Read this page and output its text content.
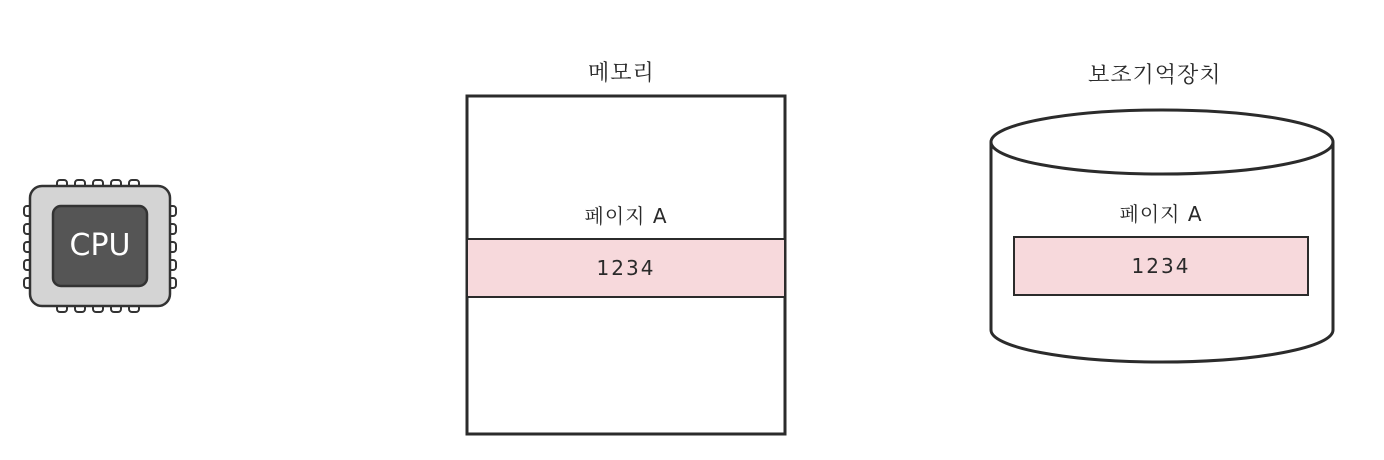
CPU
메모리
페이지 A
1234
보조기억장치
페이지 A
1234
